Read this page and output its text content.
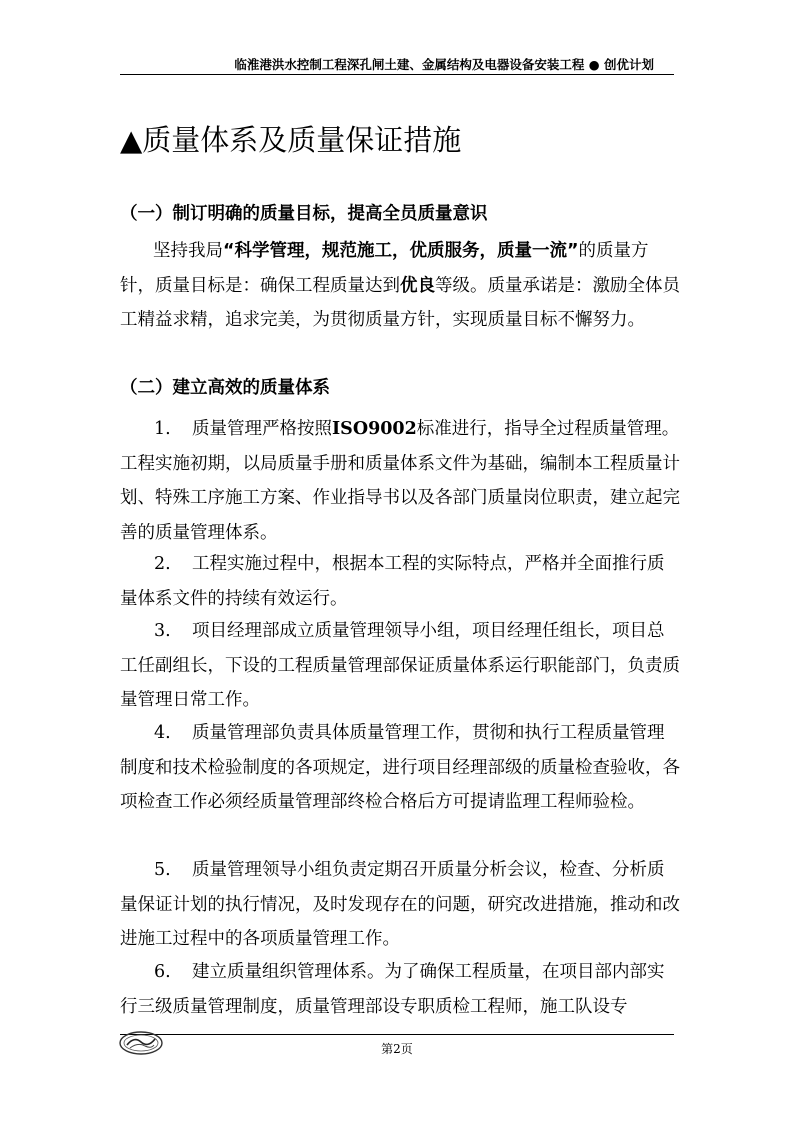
临淮港洪水控制工程深孔闸土建、金属结构及电器设备安装工程 ● 创优计划
▲质量体系及质量保证措施
（一）制订明确的质量目标，提高全员质量意识
坚持我局“科学管理，规范施工，优质服务，质量一流”的质量方针，质量目标是：确保工程质量达到优良等级。质量承诺是：激励全体员工精益求精，追求完美，为贯彻质量方针，实现质量目标不懈努力。
（二）建立高效的质量体系
1. 质量管理严格按照ISO9002标准进行，指导全过程质量管理。工程实施初期，以局质量手册和质量体系文件为基础，编制本工程质量计划、特殊工序施工方案、作业指导书以及各部门质量岗位职责，建立起完善的质量管理体系。
2. 工程实施过程中，根据本工程的实际特点，严格并全面推行质量体系文件的持续有效运行。
3. 项目经理部成立质量管理领导小组，项目经理任组长，项目总工任副组长，下设的工程质量管理部保证质量体系运行职能部门，负责质量管理日常工作。
4. 质量管理部负责具体质量管理工作，贯彻和执行工程质量管理制度和技术检验制度的各项规定，进行项目经理部级的质量检查验收，各项检查工作必须经质量管理部终检合格后方可提请监理工程师验检。
5. 质量管理领导小组负责定期召开质量分析会议，检查、分析质量保证计划的执行情况，及时发现存在的问题，研究改进措施，推动和改进施工过程中的各项质量管理工作。
6. 建立质量组织管理体系。为了确保工程质量，在项目部内部实行三级质量管理制度，质量管理部设专职质检工程师，施工队设专
第2页
